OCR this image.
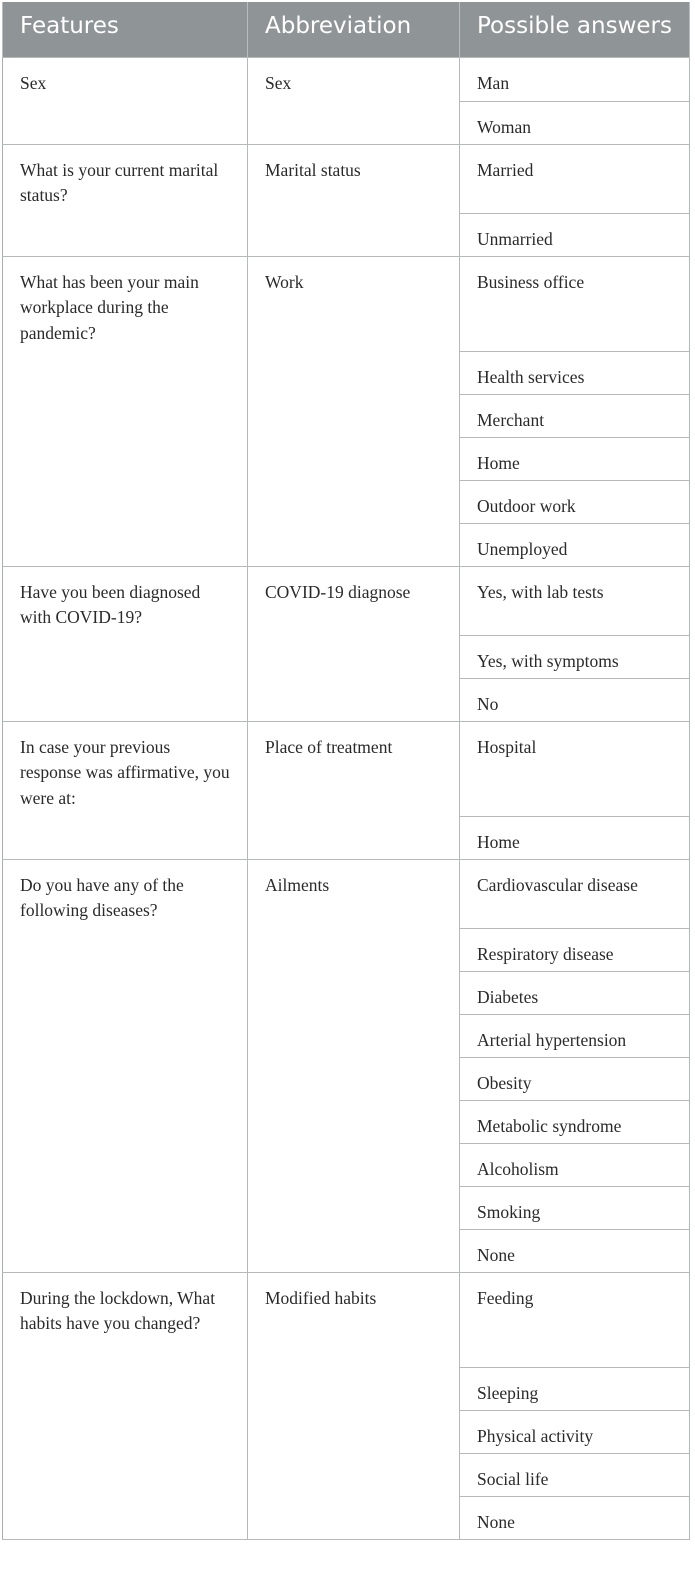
Features	Abbreviation	Possible answers
Sex	Sex	Man
		Woman
What is your current marital status?	Marital status	Married
		Unmarried
What has been your main workplace during the pandemic?	Work	Business office
		Health services
		Merchant
		Home
		Outdoor work
		Unemployed
Have you been diagnosed with COVID-19?	COVID-19 diagnose	Yes, with lab tests
		Yes, with symptoms
		No
In case your previous response was affirmative, you were at:	Place of treatment	Hospital
		Home
Do you have any of the following diseases?	Ailments	Cardiovascular disease
		Respiratory disease
		Diabetes
		Arterial hypertension
		Obesity
		Metabolic syndrome
		Alcoholism
		Smoking
		None
During the lockdown, What habits have you changed?	Modified habits	Feeding
		Sleeping
		Physical activity
		Social life
		None
